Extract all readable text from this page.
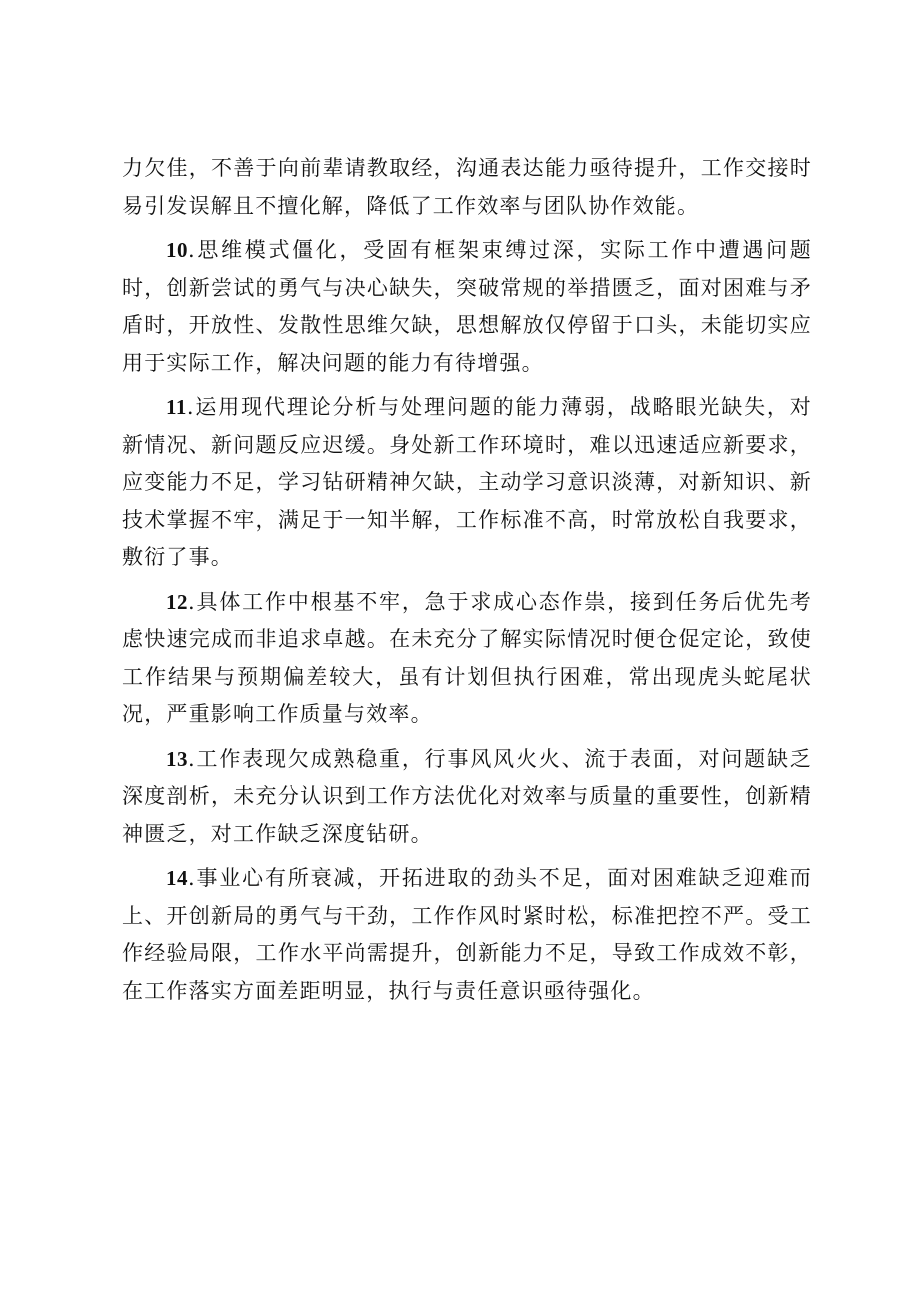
力欠佳，不善于向前辈请教取经，沟通表达能力亟待提升，工作交接时易引发误解且不擅化解，降低了工作效率与团队协作效能。

10.思维模式僵化，受固有框架束缚过深，实际工作中遭遇问题时，创新尝试的勇气与决心缺失，突破常规的举措匮乏，面对困难与矛盾时，开放性、发散性思维欠缺，思想解放仅停留于口头，未能切实应用于实际工作，解决问题的能力有待增强。

11.运用现代理论分析与处理问题的能力薄弱，战略眼光缺失，对新情况、新问题反应迟缓。身处新工作环境时，难以迅速适应新要求，应变能力不足，学习钻研精神欠缺，主动学习意识淡薄，对新知识、新技术掌握不牢，满足于一知半解，工作标准不高，时常放松自我要求，敷衍了事。

12.具体工作中根基不牢，急于求成心态作祟，接到任务后优先考虑快速完成而非追求卓越。在未充分了解实际情况时便仓促定论，致使工作结果与预期偏差较大，虽有计划但执行困难，常出现虎头蛇尾状况，严重影响工作质量与效率。

13.工作表现欠成熟稳重，行事风风火火、流于表面，对问题缺乏深度剖析，未充分认识到工作方法优化对效率与质量的重要性，创新精神匮乏，对工作缺乏深度钻研。

14.事业心有所衰减，开拓进取的劲头不足，面对困难缺乏迎难而上、开创新局的勇气与干劲，工作作风时紧时松，标准把控不严。受工作经验局限，工作水平尚需提升，创新能力不足，导致工作成效不彰，在工作落实方面差距明显，执行与责任意识亟待强化。
